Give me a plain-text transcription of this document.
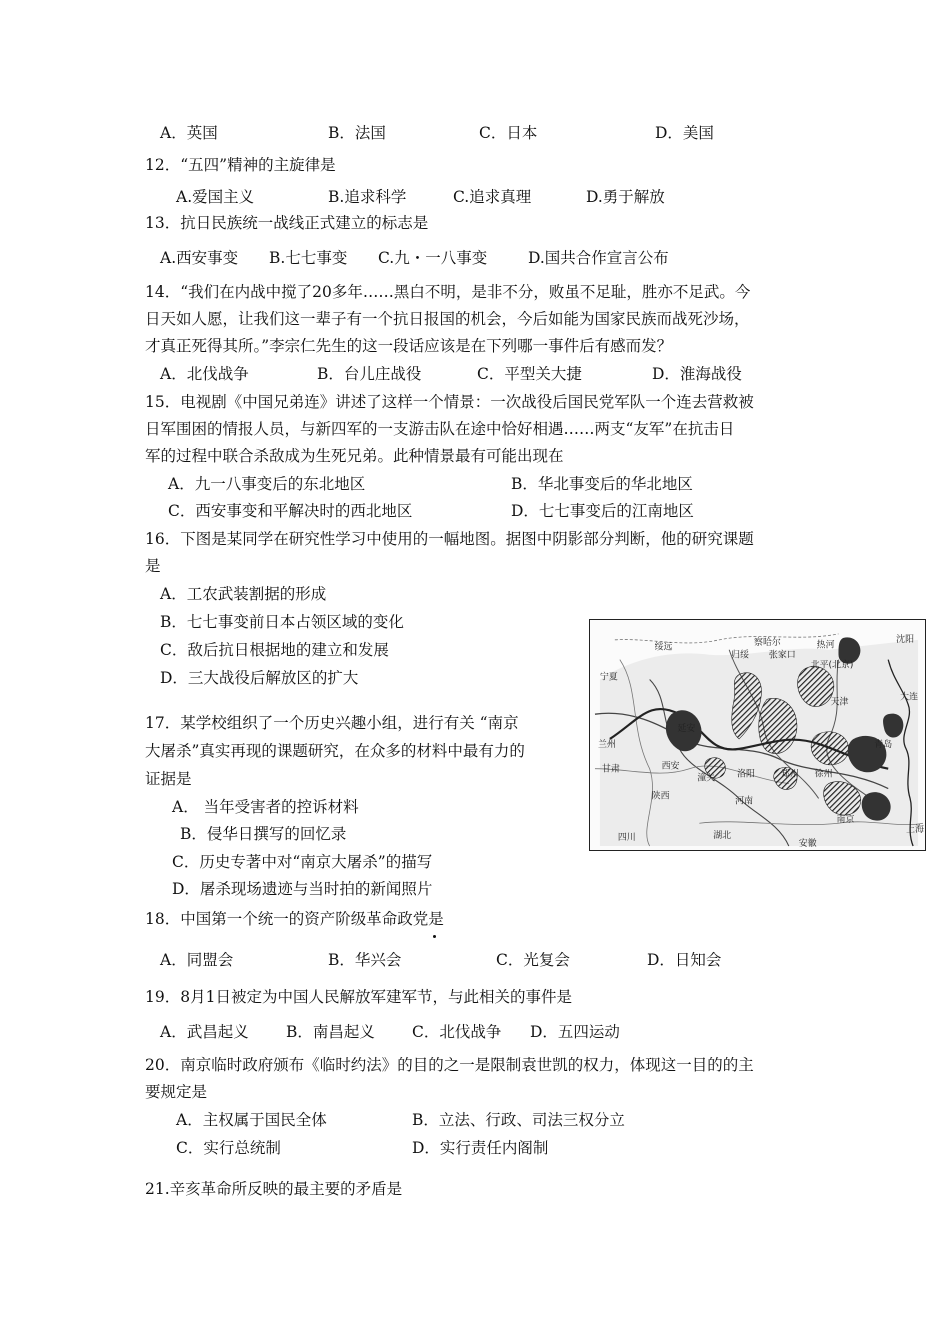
A．英国	B．法国	C．日本	D．美国
12．“五四”精神的主旋律是
A.爱国主义	B.追求科学	C.追求真理	D.勇于解放
13．抗日民族统一战线正式建立的标志是
A.西安事变 B.七七事变 C.九・一八事变	D.国共合作宣言公布
14．“我们在内战中搅了20多年……黑白不明，是非不分，败虽不足耻，胜亦不足武。今
日天如人愿，让我们这一辈子有一个抗日报国的机会，今后如能为国家民族而战死沙场，
才真正死得其所。”李宗仁先生的这一段话应该是在下列哪一事件后有感而发？
A．北伐战争	B．台儿庄战役	C．平型关大捷	D．淮海战役
15．电视剧《中国兄弟连》讲述了这样一个情景：一次战役后国民党军队一个连去营救被
日军围困的情报人员，与新四军的一支游击队在途中恰好相遇……两支“友军”在抗击日
军的过程中联合杀敌成为生死兄弟。此种情景最有可能出现在
A．九一八事变后的东北地区	B．华北事变后的华北地区
C．西安事变和平解决时的西北地区	D．七七事变后的江南地区
16．下图是某同学在研究性学习中使用的一幅地图。据图中阴影部分判断，他的研究课题
是
A．工农武装割据的形成
B．七七事变前日本占领区域的变化
C．敌后抗日根据地的建立和发展
D．三大战役后解放区的扩大
绥远	察哈尔	热河
沈阳
归绥 张家口
北平(北京)
宁夏
大连
天津
延安
兰州
甘肃	西安
潼关 洛阳	郑州 徐州
青岛
陕西	河南
四川	湖北
安徽
南京
上海
17．某学校组织了一个历史兴趣小组，进行有关 “南京
大屠杀”真实再现的课题研究，在众多的材料中最有力的
证据是
A． 当年受害者的控诉材料
B．侵华日撰写的回忆录
C．历史专著中对“南京大屠杀”的描写
D．屠杀现场遗迹与当时拍的新闻照片
18．中国第一个统一的资产阶级革命政党是
A．同盟会	B．华兴会	C．光复会	D．日知会
19．8月1日被定为中国人民解放军建军节，与此相关的事件是
A．武昌起义 B．南昌起义 C．北伐战争 D．五四运动
20．南京临时政府颁布《临时约法》的目的之一是限制袁世凯的权力，体现这一目的的主
要规定是
A．主权属于国民全体	B．立法、行政、司法三权分立
C．实行总统制	D．实行责任内阁制
21.辛亥革命所反映的最主要的矛盾是
